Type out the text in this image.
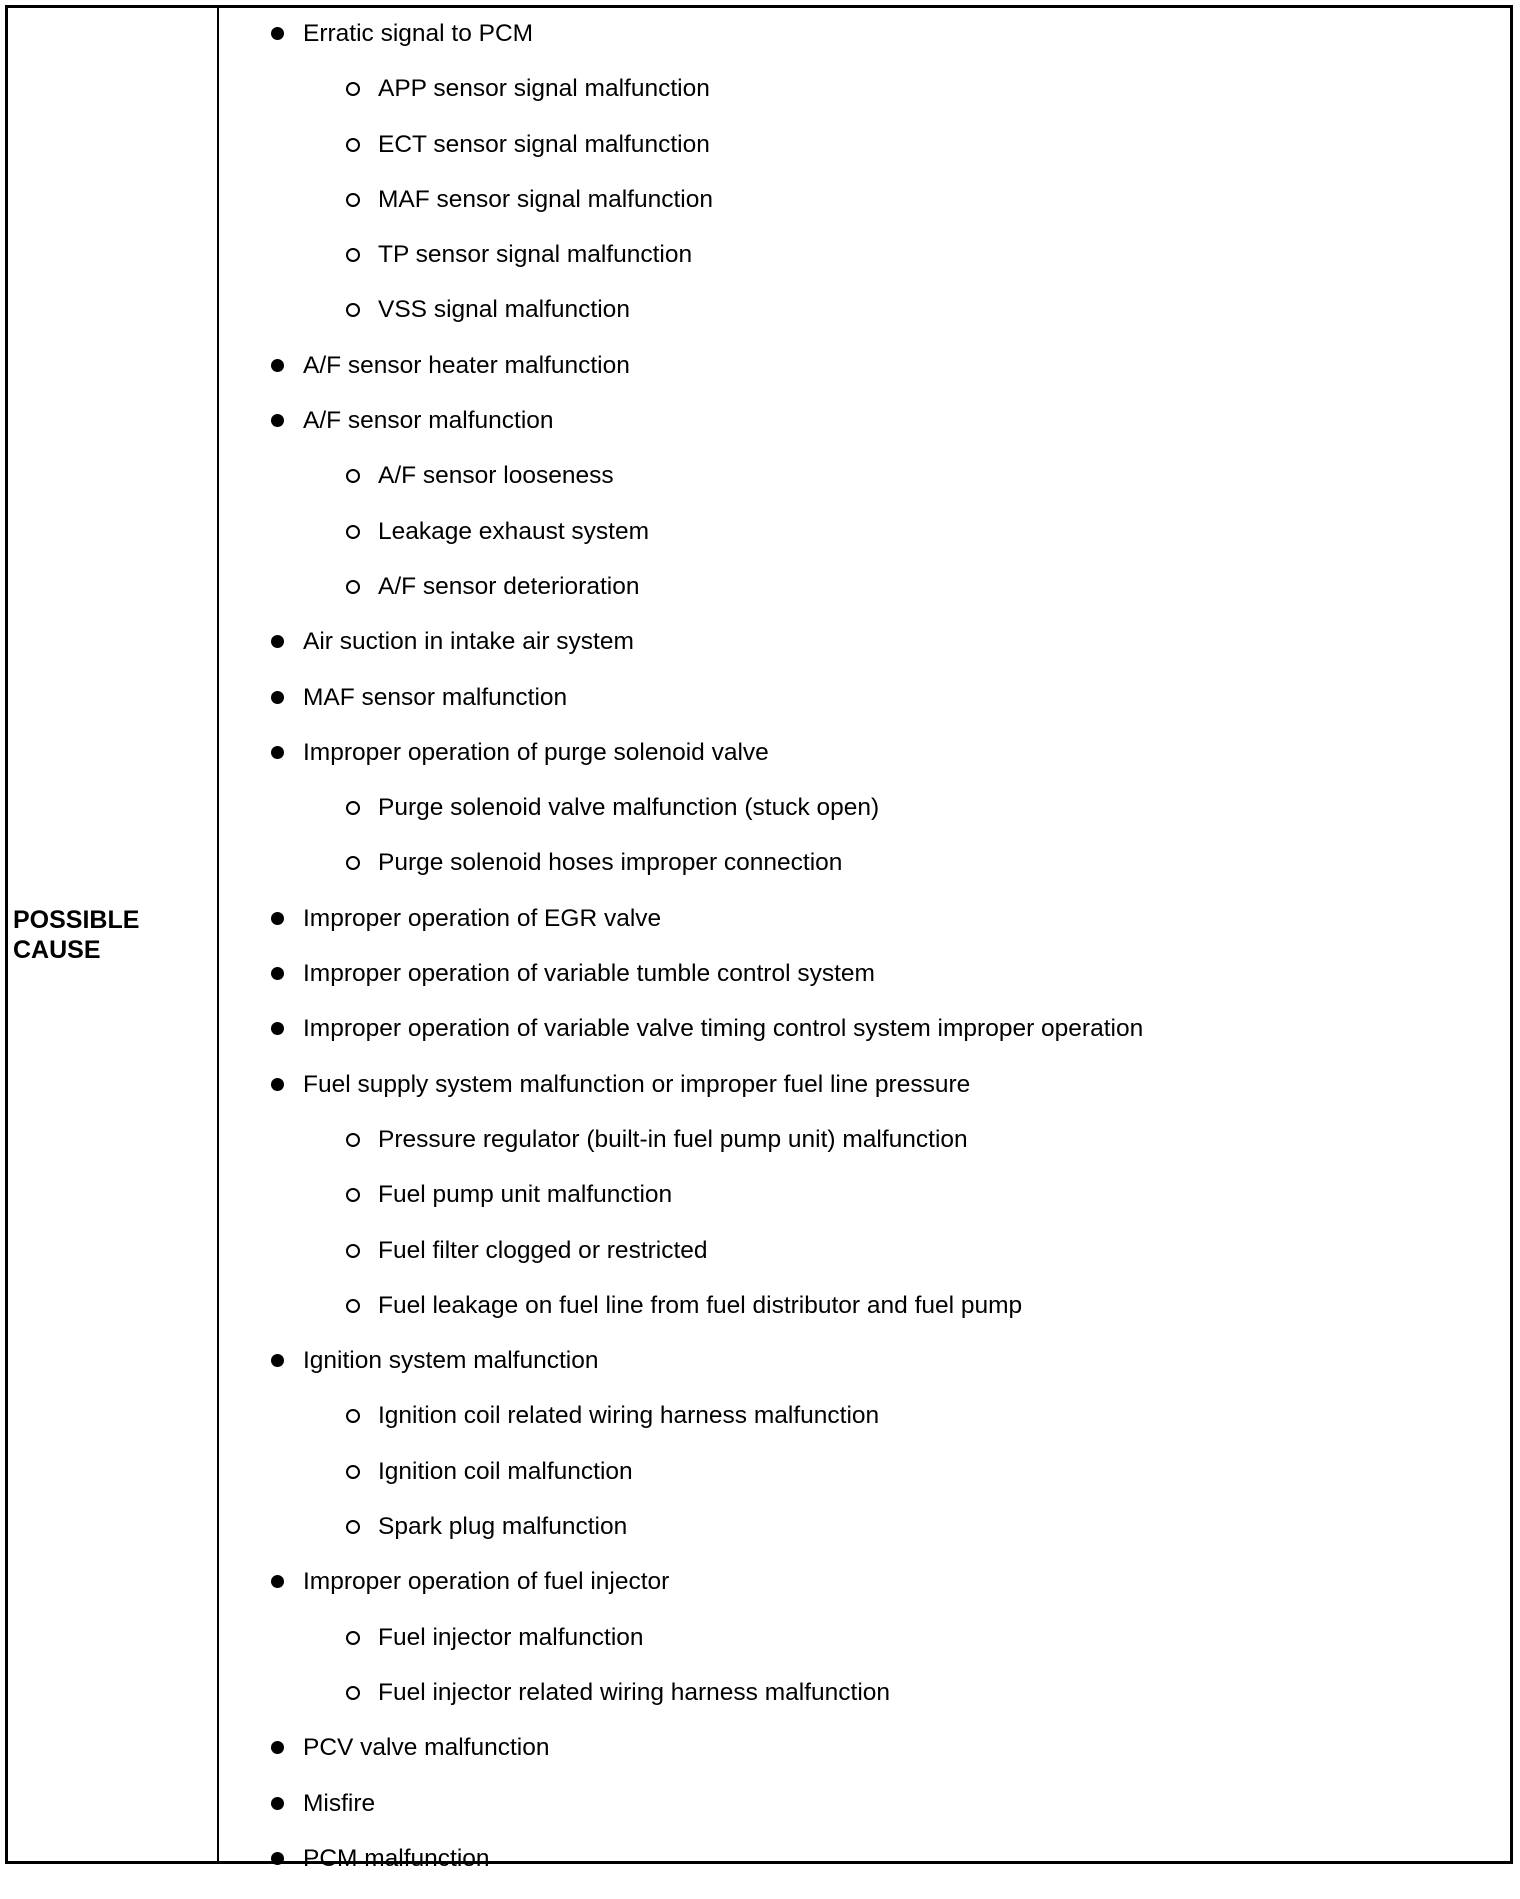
POSSIBLE
CAUSE
Erratic signal to PCM
APP sensor signal malfunction
ECT sensor signal malfunction
MAF sensor signal malfunction
TP sensor signal malfunction
VSS signal malfunction
A/F sensor heater malfunction
A/F sensor malfunction
A/F sensor looseness
Leakage exhaust system
A/F sensor deterioration
Air suction in intake air system
MAF sensor malfunction
Improper operation of purge solenoid valve
Purge solenoid valve malfunction (stuck open)
Purge solenoid hoses improper connection
Improper operation of EGR valve
Improper operation of variable tumble control system
Improper operation of variable valve timing control system improper operation
Fuel supply system malfunction or improper fuel line pressure
Pressure regulator (built-in fuel pump unit) malfunction
Fuel pump unit malfunction
Fuel filter clogged or restricted
Fuel leakage on fuel line from fuel distributor and fuel pump
Ignition system malfunction
Ignition coil related wiring harness malfunction
Ignition coil malfunction
Spark plug malfunction
Improper operation of fuel injector
Fuel injector malfunction
Fuel injector related wiring harness malfunction
PCV valve malfunction
Misfire
PCM malfunction
